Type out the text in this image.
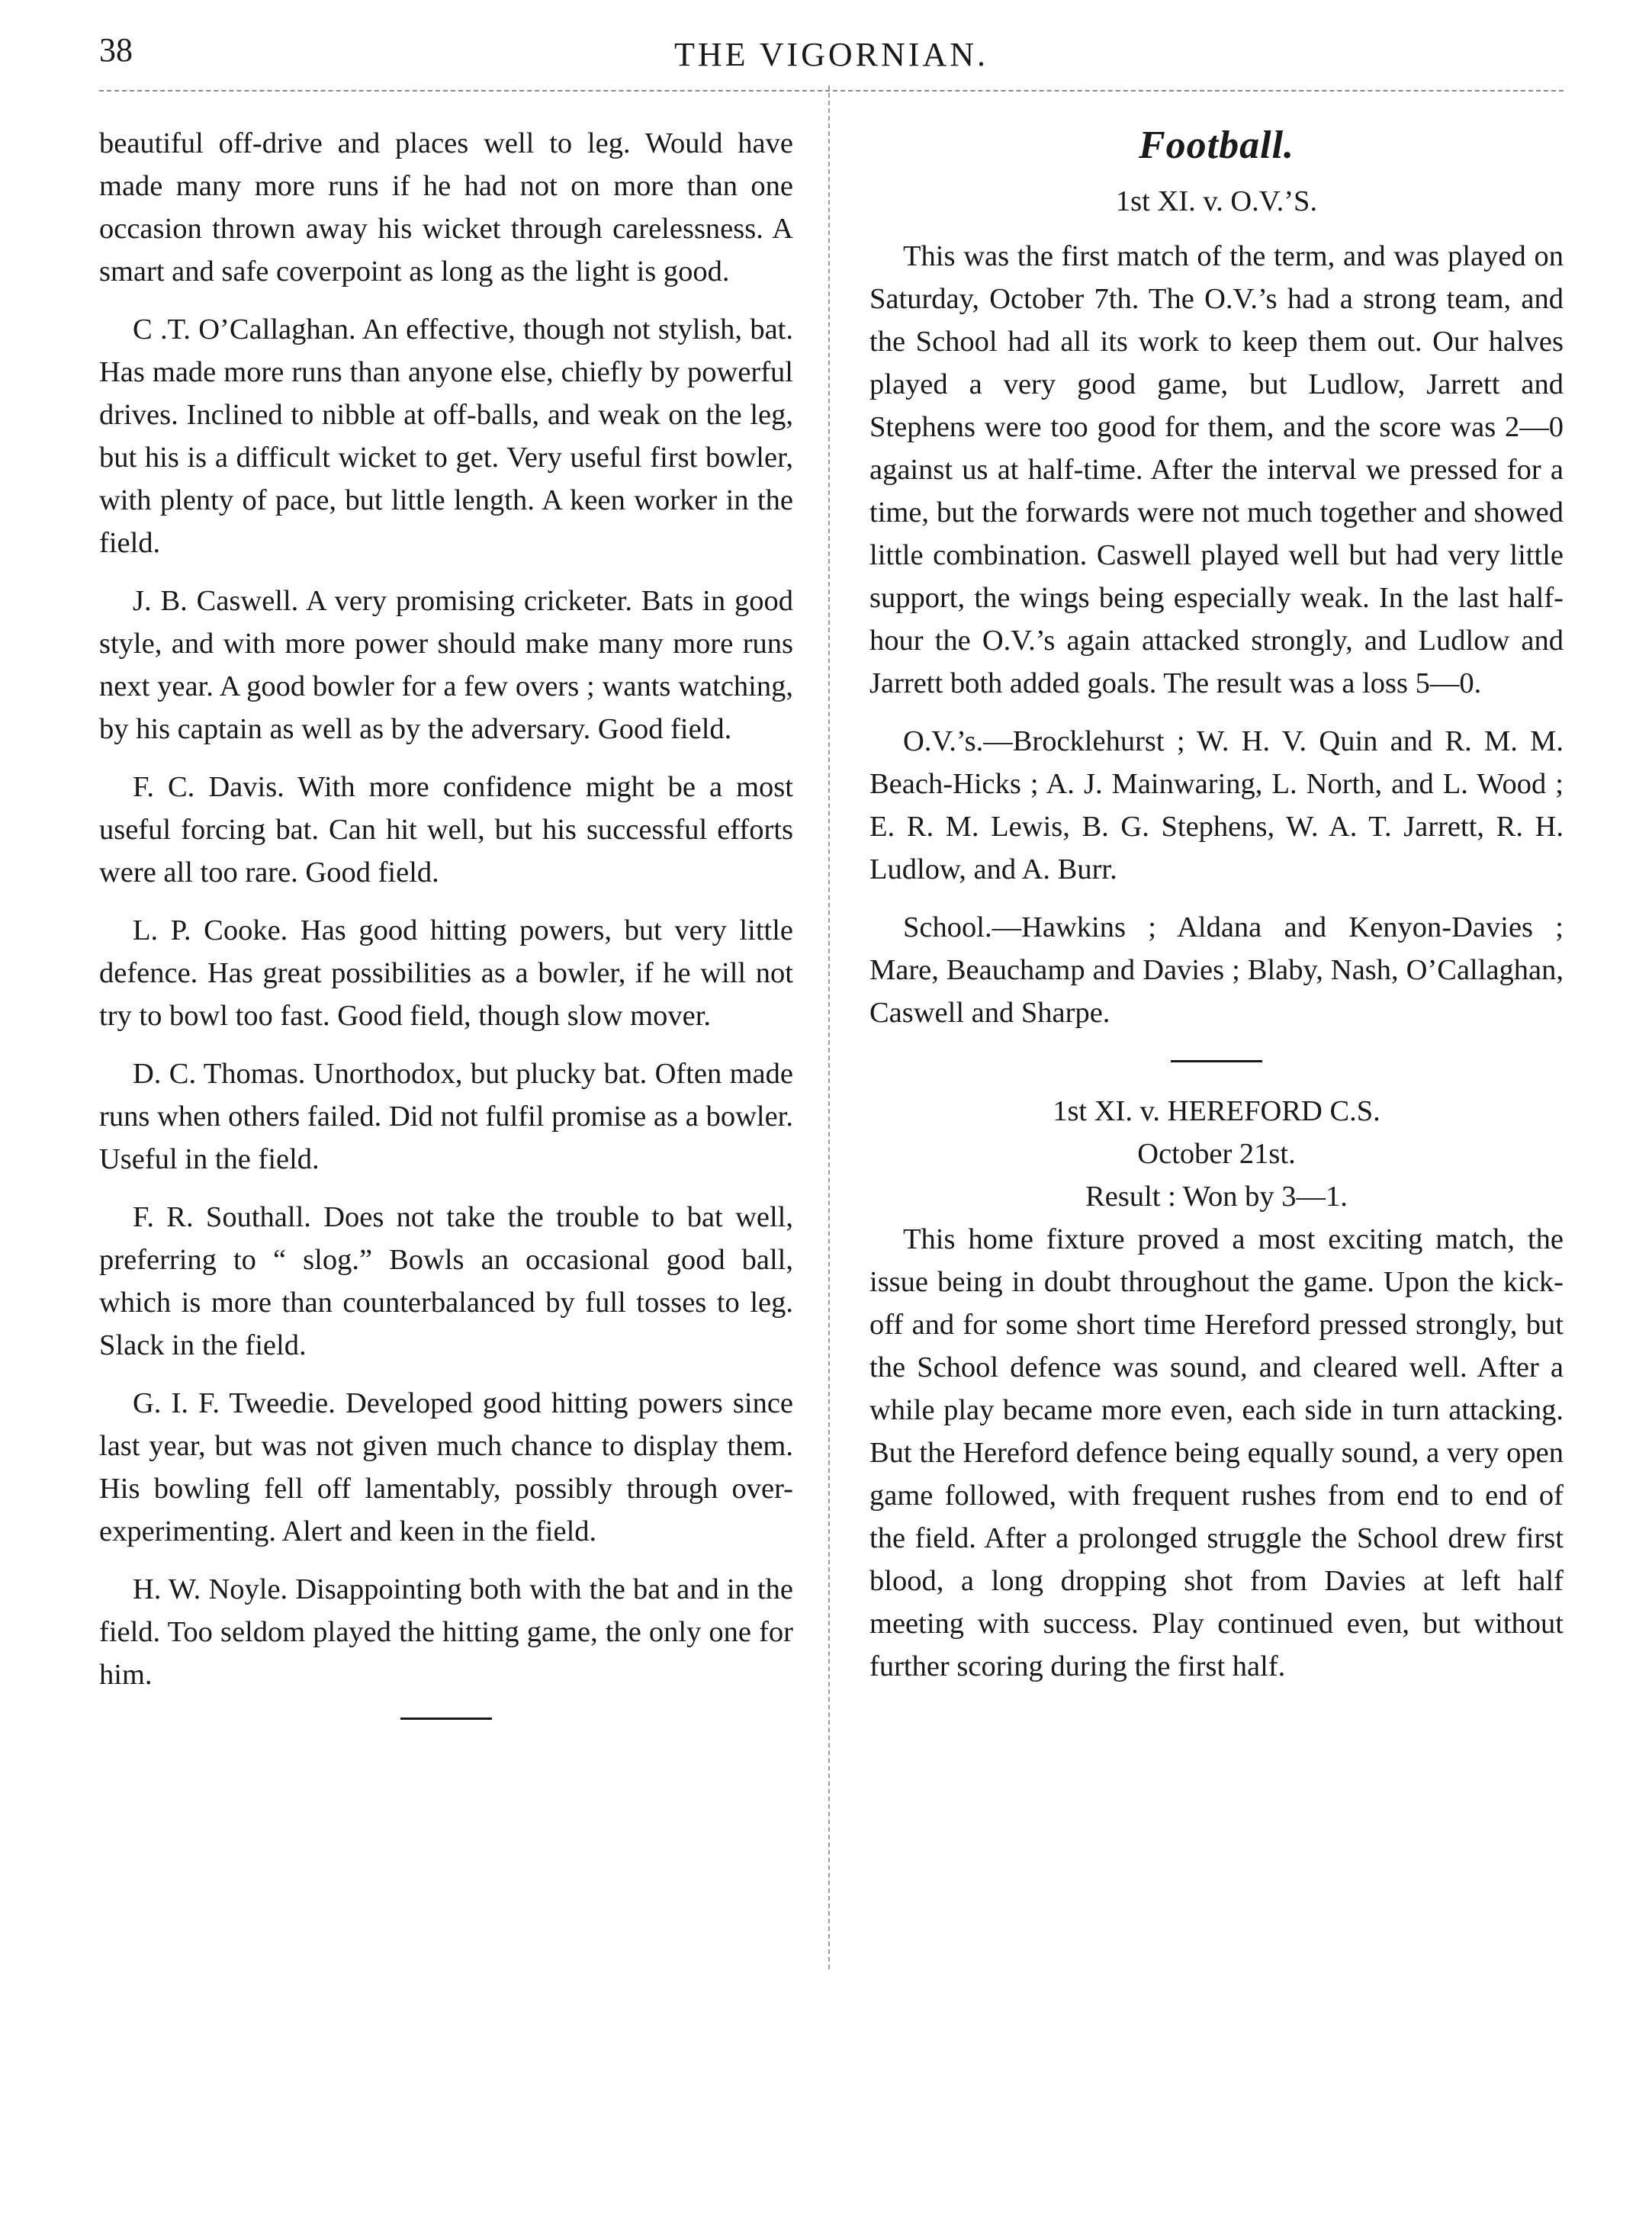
38	THE VIGORNIAN.

beautiful off-drive and places well to leg. Would have made many more runs if he had not on more than one occasion thrown away his wicket through carelessness. A smart and safe coverpoint as long as the light is good.

C .T. O’Callaghan. An effective, though not stylish, bat. Has made more runs than anyone else, chiefly by powerful drives. Inclined to nibble at off-balls, and weak on the leg, but his is a difficult wicket to get. Very useful first bowler, with plenty of pace, but little length. A keen worker in the field.

J. B. Caswell. A very promising cricketer. Bats in good style, and with more power should make many more runs next year. A good bowler for a few overs ; wants watching, by his captain as well as by the adversary. Good field.

F. C. Davis. With more confidence might be a most useful forcing bat. Can hit well, but his successful efforts were all too rare. Good field.

L. P. Cooke. Has good hitting powers, but very little defence. Has great possibilities as a bowler, if he will not try to bowl too fast. Good field, though slow mover.

D. C. Thomas. Unorthodox, but plucky bat. Often made runs when others failed. Did not fulfil promise as a bowler. Useful in the field.

F. R. Southall. Does not take the trouble to bat well, preferring to “ slog.” Bowls an occasional good ball, which is more than counterbalanced by full tosses to leg. Slack in the field.

G. I. F. Tweedie. Developed good hitting powers since last year, but was not given much chance to display them. His bowling fell off lamentably, possibly through over-experimenting. Alert and keen in the field.

H. W. Noyle. Disappointing both with the bat and in the field. Too seldom played the hitting game, the only one for him.

Football.
1st XI. v. O.V.’S.

This was the first match of the term, and was played on Saturday, October 7th. The O.V.’s had a strong team, and the School had all its work to keep them out. Our halves played a very good game, but Ludlow, Jarrett and Stephens were too good for them, and the score was 2—0 against us at half-time. After the interval we pressed for a time, but the forwards were not much together and showed little combination. Caswell played well but had very little support, the wings being especially weak. In the last half-hour the O.V.’s again attacked strongly, and Ludlow and Jarrett both added goals. The result was a loss 5—0.

O.V.’s.—Brocklehurst ; W. H. V. Quin and R. M. M. Beach-Hicks ; A. J. Mainwaring, L. North, and L. Wood ; E. R. M. Lewis, B. G. Stephens, W. A. T. Jarrett, R. H. Ludlow, and A. Burr.

School.—Hawkins ; Aldana and Kenyon-Davies ; Mare, Beauchamp and Davies ; Blaby, Nash, O’Callaghan, Caswell and Sharpe.

1st XI. v. HEREFORD C.S.
October 21st.
Result : Won by 3—1.

This home fixture proved a most exciting match, the issue being in doubt throughout the game. Upon the kick-off and for some short time Hereford pressed strongly, but the School defence was sound, and cleared well. After a while play became more even, each side in turn attacking. But the Hereford defence being equally sound, a very open game followed, with frequent rushes from end to end of the field. After a prolonged struggle the School drew first blood, a long dropping shot from Davies at left half meeting with success. Play continued even, but without further scoring during the first half.
